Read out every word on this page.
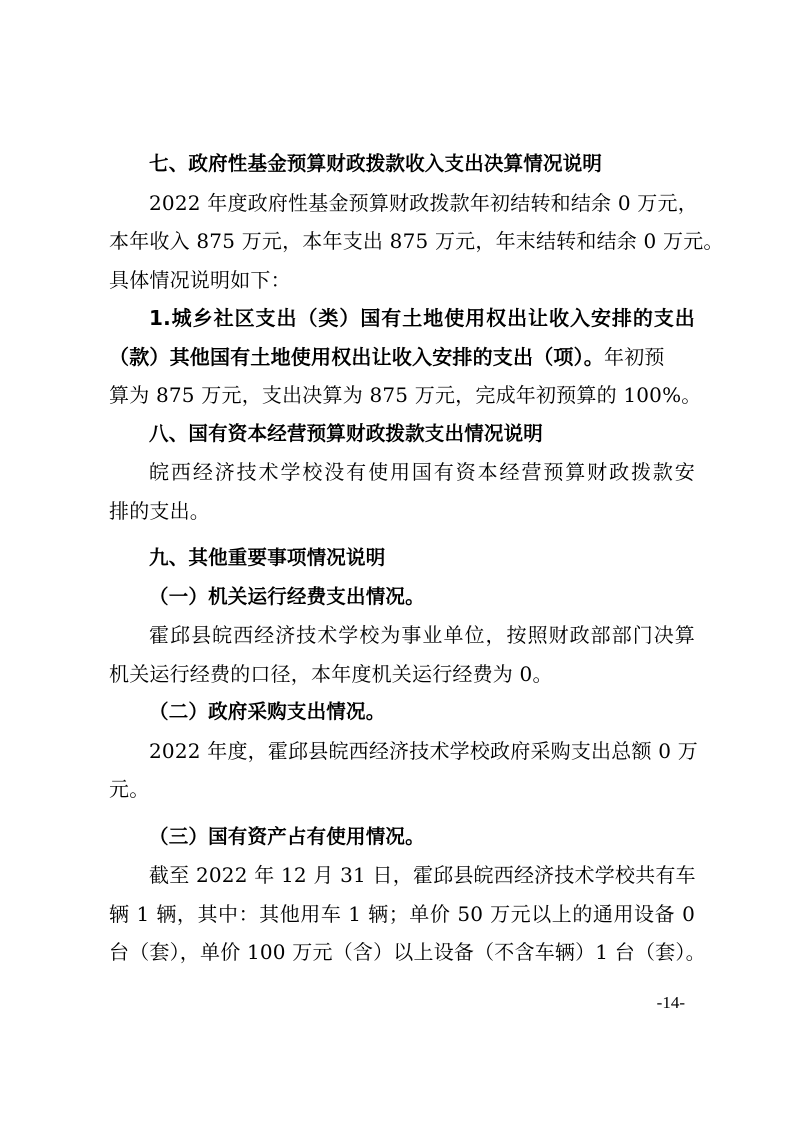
七、政府性基金预算财政拨款收入支出决算情况说明
2022 年度政府性基金预算财政拨款年初结转和结余 0 万元，
本年收入 875 万元，本年支出 875 万元，年末结转和结余 0 万元。
具体情况说明如下：
1.城乡社区支出（类）国有土地使用权出让收入安排的支出
（款）其他国有土地使用权出让收入安排的支出（项）。年初预
算为 875 万元，支出决算为 875 万元，完成年初预算的 100%。
八、国有资本经营预算财政拨款支出情况说明
皖西经济技术学校没有使用国有资本经营预算财政拨款安
排的支出。
九、其他重要事项情况说明
（一）机关运行经费支出情况。
霍邱县皖西经济技术学校为事业单位，按照财政部部门决算
机关运行经费的口径，本年度机关运行经费为 0。
（二）政府采购支出情况。
2022 年度，霍邱县皖西经济技术学校政府采购支出总额 0 万
元。
（三）国有资产占有使用情况。
截至 2022 年 12 月 31 日，霍邱县皖西经济技术学校共有车
辆 1 辆，其中：其他用车 1 辆；单价 50 万元以上的通用设备 0
台（套），单价 100 万元（含）以上设备（不含车辆）1 台（套）。
-14-
